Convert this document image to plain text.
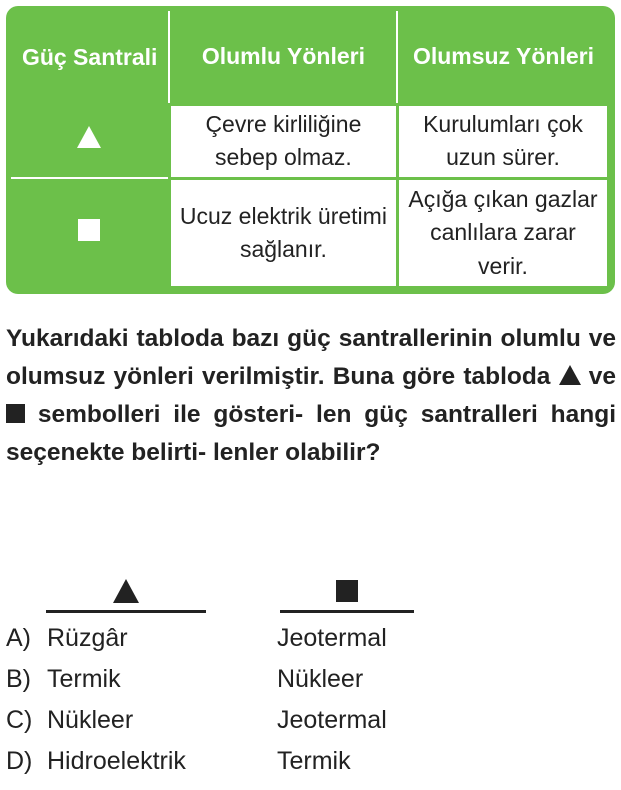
Güç Santrali	Olumlu Yönleri	Olumsuz Yönleri
	Çevre kirliliğine sebep olmaz.	Kurulumları çok uzun sürer.
	Ucuz elektrik üretimi sağlanır.	Açığa çıkan gazlar canlılara zarar verir.

Yukarıdaki tabloda bazı güç santrallerinin olumlu ve olumsuz yönleri verilmiştir. Buna göre tabloda ve  sembolleri ile gösteri- len güç santralleri hangi seçenekte belirti- lenler olabilir?

A) Rüzgâr	Jeotermal
B) Termik	Nükleer
C) Nükleer	Jeotermal
D) Hidroelektrik	Termik
